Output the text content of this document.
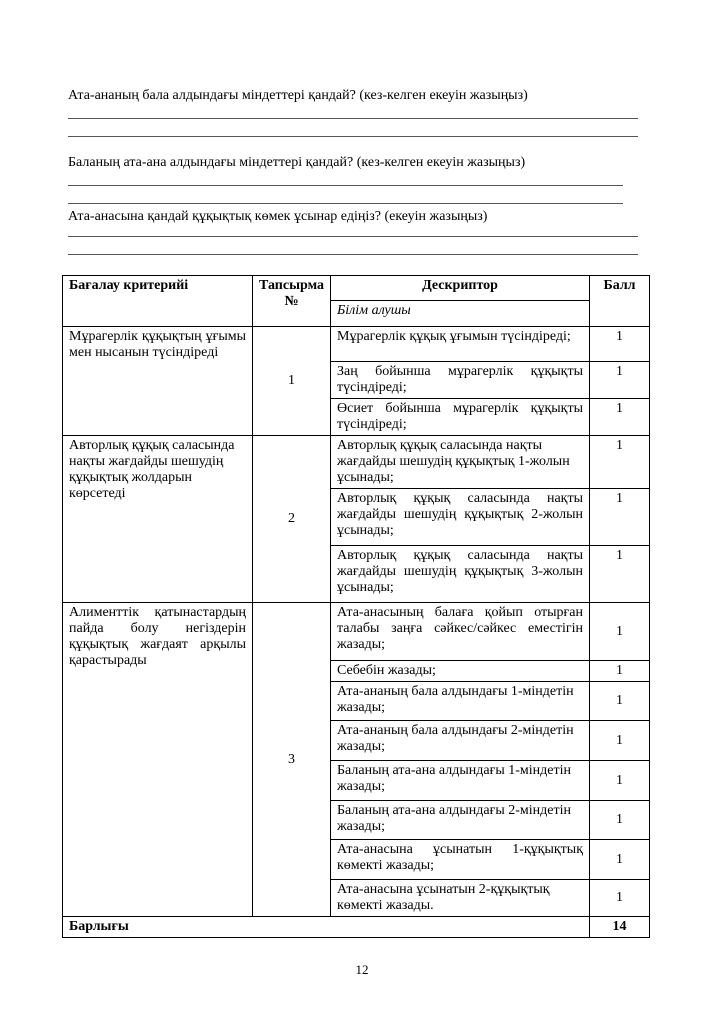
Ата-ананың бала алдындағы міндеттері қандай? (кез-келген екеуін жазыңыз)
Баланың ата-ана алдындағы міндеттері қандай? (кез-келген екеуін жазыңыз)
Ата-анасына қандай құқықтық көмек ұсынар едіңіз? (екеуін жазыңыз)
Бағалау критерийі	Тапсырма №	Дескриптор	Балл
		Білім алушы	
Мұрагерлік құқықтың ұғымы мен нысанын түсіндіреді	1	Мұрагерлік құқық ұғымын түсіндіреді;	1
		Заң бойынша мұрагерлік құқықты түсіндіреді;	1
		Өсиет бойынша мұрагерлік құқықты түсіндіреді;	1
Авторлық құқық саласында нақты жағдайды шешудің құқықтық жолдарын көрсетеді	2	Авторлық құқық саласында нақты жағдайды шешудің құқықтық 1-жолын ұсынады;	1
		Авторлық құқық саласында нақты жағдайды шешудің құқықтық 2-жолын ұсынады;	1
		Авторлық құқық саласында нақты жағдайды шешудің құқықтық 3-жолын ұсынады;	1
Алименттік қатынастардың пайда болу негіздерін құқықтық жағдаят арқылы қарастырады	3	Ата-анасының балаға қойып отырған талабы заңға сәйкес/сәйкес еместігін жазады;	1
		Себебін жазады;	1
		Ата-ананың бала алдындағы 1-міндетін жазады;	1
		Ата-ананың бала алдындағы 2-міндетін жазады;	1
		Баланың ата-ана алдындағы 1-міндетін жазады;	1
		Баланың ата-ана алдындағы 2-міндетін жазады;	1
		Ата-анасына ұсынатын 1-құқықтық көмекті жазады;	1
		Ата-анасына ұсынатын 2-құқықтық көмекті жазады.	1
Барлығы			14
12
